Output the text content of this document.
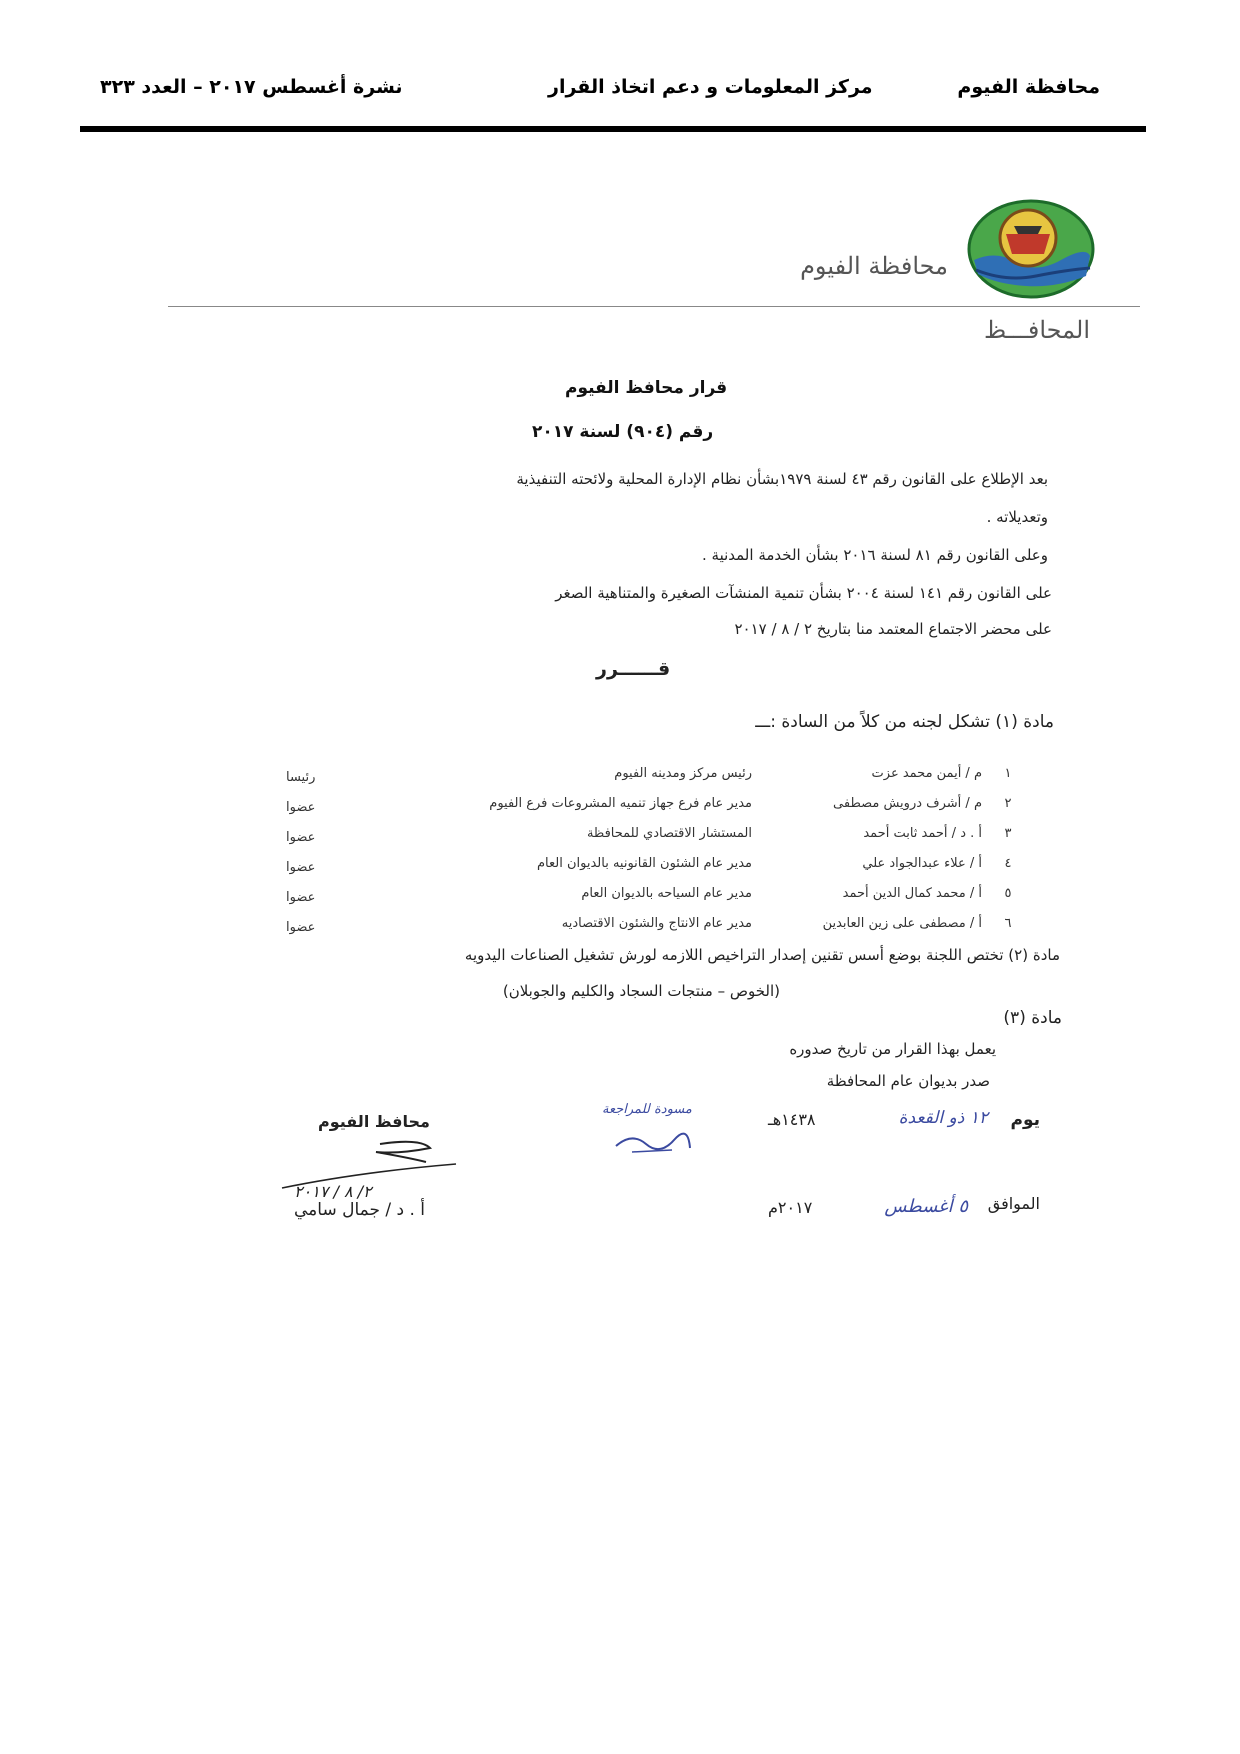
محافظة الفيوم
مركز المعلومات و دعم اتخاذ القرار
نشرة أغسطس ٢٠١٧ – العدد ٣٢٣
محافظة الفيوم
المحافـــظ
قرار محافظ الفيوم
رقم (٩٠٤) لسنة ٢٠١٧
بعد الإطلاع على القانون رقم ٤٣ لسنة ١٩٧٩بشأن نظام الإدارة المحلية ولائحته التنفيذية
وتعديلاته .
وعلى القانون رقم ٨١ لسنة ٢٠١٦ بشأن الخدمة المدنية .
على القانون رقم ١٤١ لسنة ٢٠٠٤ بشأن تنمية المنشآت الصغيرة والمتناهية الصغر
على محضر الاجتماع المعتمد منا بتاريخ ٢ / ٨ / ٢٠١٧
قــــــرر
مادة (١) تشكل لجنه من كلاً من السادة :ـــ
١
م / أيمن محمد عزت
رئيس مركز ومدينه الفيوم
رئيسا
٢
م / أشرف درويش مصطفى
مدير عام فرع جهاز تنميه المشروعات فرع الفيوم
عضوا
٣
أ . د / أحمد ثابت أحمد
المستشار الاقتصادي للمحافظة
عضوا
٤
أ / علاء عبدالجواد علي
مدير عام الشئون القانونيه بالديوان العام
عضوا
٥
أ / محمد كمال الدين أحمد
مدير عام السياحه بالديوان العام
عضوا
٦
أ / مصطفى على زين العابدين
مدير عام الانتاج والشئون الاقتصاديه
عضوا
مادة (٢) تختص اللجنة بوضع أسس تقنين إصدار التراخيص اللازمه لورش تشغيل الصناعات اليدويه
(الخوص – منتجات السجاد والكليم والجوبلان)
مادة (٣)
يعمل بهذا القرار من تاريخ صدوره
صدر بديوان عام المحافظة
يوم
١٢ ذو القعدة
١٤٣٨هـ
الموافق
٥ أغسطس
٢٠١٧م
مسودة للمراجعة
محافظ الفيوم
٢/ ٨ / ٢٠١٧
أ . د / جمال سامي
